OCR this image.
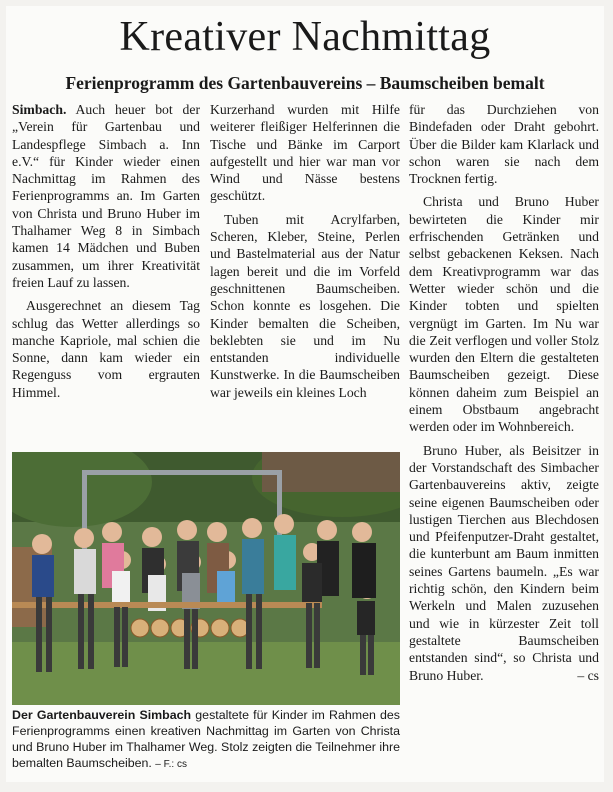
Kreativer Nachmittag
Ferienprogramm des Gartenbauvereins – Baumscheiben bemalt

Simbach. Auch heuer bot der „Verein für Gartenbau und Landespflege Simbach a. Inn e.V.“ für Kinder wieder einen Nachmittag im Rahmen des Ferienprogramms an. Im Garten von Christa und Bruno Huber im Thalhamer Weg 8 in Simbach kamen 14 Mädchen und Buben zusammen, um ihrer Kreativität freien Lauf zu lassen.

Ausgerechnet an diesem Tag schlug das Wetter allerdings so manche Kapriole, mal schien die Sonne, dann kam wieder ein Regenguss vom ergrauten Himmel.

Kurzerhand wurden mit Hilfe weiterer fleißiger Helferinnen die Tische und Bänke im Carport aufgestellt und hier war man vor Wind und Nässe bestens geschützt.

Tuben mit Acrylfarben, Scheren, Kleber, Steine, Perlen und Bastelmaterial aus der Natur lagen bereit und die im Vorfeld geschnittenen Baumscheiben. Schon konnte es losgehen. Die Kinder bemalten die Scheiben, beklebten sie und im Nu entstanden individuelle Kunstwerke. In die Baumscheiben war jeweils ein kleines Loch

für das Durchziehen von Bindefaden oder Draht gebohrt. Über die Bilder kam Klarlack und schon waren sie nach dem Trocknen fertig.

Christa und Bruno Huber bewirteten die Kinder mir erfrischenden Getränken und selbst gebackenen Keksen. Nach dem Kreativprogramm war das Wetter wieder schön und die Kinder tobten und spielten vergnügt im Garten. Im Nu war die Zeit verflogen und voller Stolz wurden den Eltern die gestalteten Baumscheiben gezeigt. Diese können daheim zum Beispiel an einem Obstbaum angebracht werden oder im Wohnbereich.

Bruno Huber, als Beisitzer in der Vorstandschaft des Simbacher Gartenbauvereins aktiv, zeigte seine eigenen Baumscheiben oder lustigen Tierchen aus Blechdosen und Pfeifenputzer-Draht gestaltet, die kunterbunt am Baum inmitten seines Gartens baumeln. „Es war richtig schön, den Kindern beim Werkeln und Malen zuzusehen und wie in kürzester Zeit toll gestaltete Baumscheiben entstanden sind“, so Christa und Bruno Huber.	– cs

Der Gartenbauverein Simbach gestaltete für Kinder im Rahmen des Ferienprogramms einen kreativen Nachmittag im Garten von Christa und Bruno Huber im Thalhamer Weg. Stolz zeigten die Teilnehmer ihre bemalten Baumscheiben. – F.: cs
